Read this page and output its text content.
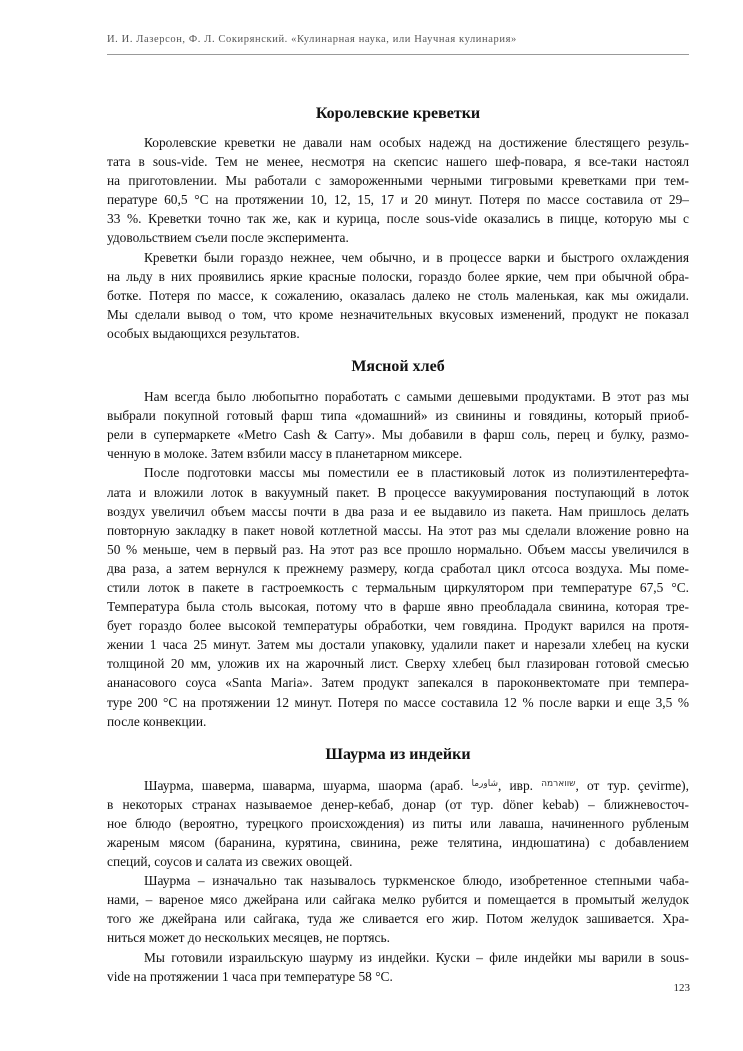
И. И. Лазерсон, Ф. Л. Сокирянский. «Кулинарная наука, или Научная кулинария»
Королевские креветки
Королевские креветки не давали нам особых надежд на достижение блестящего резуль-
тата в sous-vide. Тем не менее, несмотря на скепсис нашего шеф-повара, я все-таки настоял
на приготовлении. Мы работали с замороженными черными тигровыми креветками при тем-
пературе 60,5 °C на протяжении 10, 12, 15, 17 и 20 минут. Потеря по массе составила от 29–
33 %. Креветки точно так же, как и курица, после sous-vide оказались в пицце, которую мы с
удовольствием съели после эксперимента.
Креветки были гораздо нежнее, чем обычно, и в процессе варки и быстрого охлаждения
на льду в них проявились яркие красные полоски, гораздо более яркие, чем при обычной обра-
ботке. Потеря по массе, к сожалению, оказалась далеко не столь маленькая, как мы ожидали.
Мы сделали вывод о том, что кроме незначительных вкусовых изменений, продукт не показал
особых выдающихся результатов.
Мясной хлеб
Нам всегда было любопытно поработать с самыми дешевыми продуктами. В этот раз мы
выбрали покупной готовый фарш типа «домашний» из свинины и говядины, который приоб-
рели в супермаркете «Metro Cash & Carry». Мы добавили в фарш соль, перец и булку, размо-
ченную в молоке. Затем взбили массу в планетарном миксере.
После подготовки массы мы поместили ее в пластиковый лоток из полиэтилентерефта-
лата и вложили лоток в вакуумный пакет. В процессе вакуумирования поступающий в лоток
воздух увеличил объем массы почти в два раза и ее выдавило из пакета. Нам пришлось делать
повторную закладку в пакет новой котлетной массы. На этот раз мы сделали вложение ровно на
50 % меньше, чем в первый раз. На этот раз все прошло нормально. Объем массы увеличился в
два раза, а затем вернулся к прежнему размеру, когда сработал цикл отсоса воздуха. Мы поме-
стили лоток в пакете в гастроемкость с термальным циркулятором при температуре 67,5 °C.
Температура была столь высокая, потому что в фарше явно преобладала свинина, которая тре-
бует гораздо более высокой температуры обработки, чем говядина. Продукт варился на протя-
жении 1 часа 25 минут. Затем мы достали упаковку, удалили пакет и нарезали хлебец на куски
толщиной 20 мм, уложив их на жарочный лист. Сверху хлебец был глазирован готовой смесью
ананасового соуса «Santa Maria». Затем продукт запекался в пароконвектомате при темпера-
туре 200 °C на протяжении 12 минут. Потеря по массе составила 12 % после варки и еще 3,5 %
после конвекции.
Шаурма из индейки
Шаурма, шаверма, шаварма, шуарма, шаорма (араб. $^{شاورما}$, ивр. $^{שווארמה}$, от тур. çevirme),
в некоторых странах называемое денер-кебаб, донар (от тур. döner kebab) – ближневосточ-
ное блюдо (вероятно, турецкого происхождения) из питы или лаваша, начиненного рубленым
жареным мясом (баранина, курятина, свинина, реже телятина, индюшатина) с добавлением
специй, соусов и салата из свежих овощей.
Шаурма – изначально так называлось туркменское блюдо, изобретенное степными чаба-
нами, – вареное мясо джейрана или сайгака мелко рубится и помещается в промытый желудок
того же джейрана или сайгака, туда же сливается его жир. Потом желудок зашивается. Хра-
ниться может до нескольких месяцев, не портясь.
Мы готовили израильскую шаурму из индейки. Куски – филе индейки мы варили в sous-
vide на протяжении 1 часа при температуре 58 °C.
123
